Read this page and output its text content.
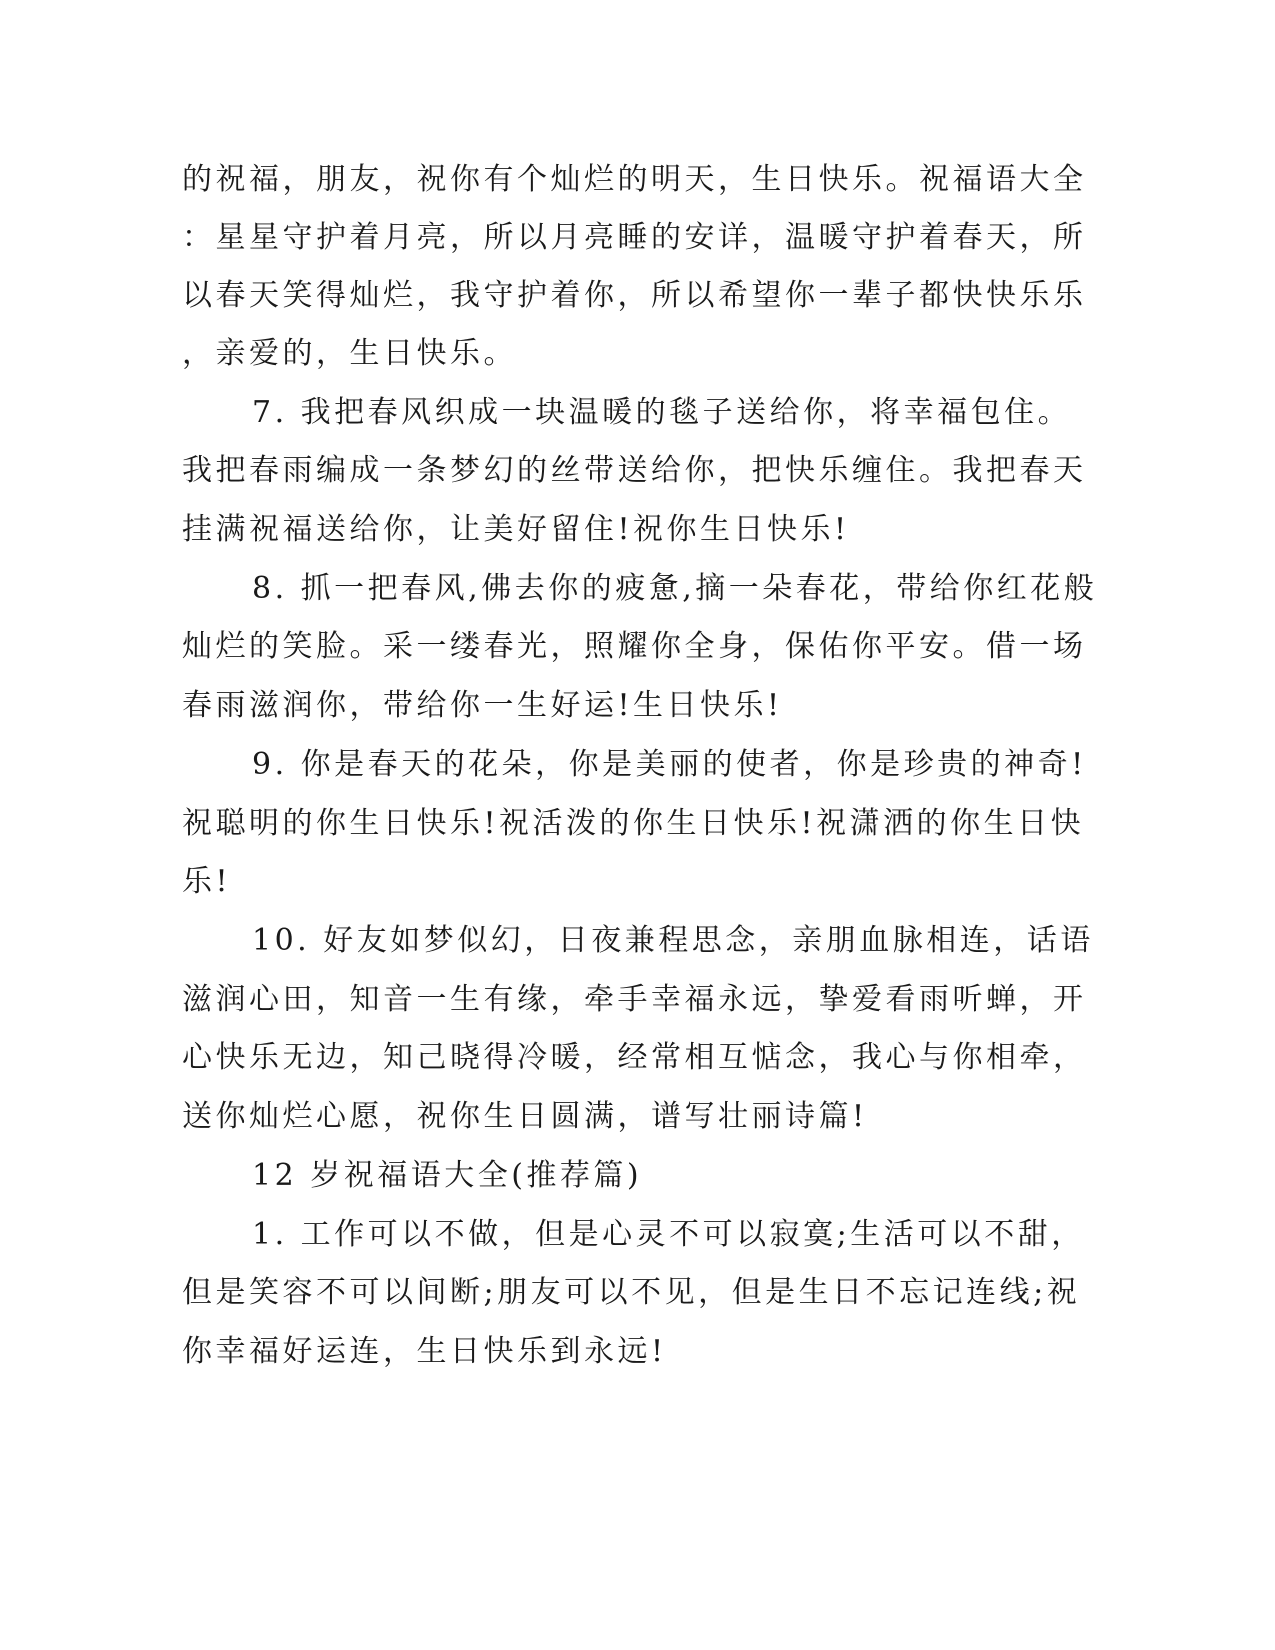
的祝福，朋友，祝你有个灿烂的明天，生日快乐。祝福语大全
：星星守护着月亮，所以月亮睡的安详，温暖守护着春天，所
以春天笑得灿烂，我守护着你，所以希望你一辈子都快快乐乐
，亲爱的，生日快乐。
7. 我把春风织成一块温暖的毯子送给你，将幸福包住。
我把春雨编成一条梦幻的丝带送给你，把快乐缠住。我把春天
挂满祝福送给你，让美好留住!祝你生日快乐!
8. 抓一把春风,佛去你的疲惫,摘一朵春花，带给你红花般
灿烂的笑脸。采一缕春光，照耀你全身，保佑你平安。借一场
春雨滋润你，带给你一生好运!生日快乐!
9. 你是春天的花朵，你是美丽的使者，你是珍贵的神奇!
祝聪明的你生日快乐!祝活泼的你生日快乐!祝潇洒的你生日快
乐!
10. 好友如梦似幻，日夜兼程思念，亲朋血脉相连，话语
滋润心田，知音一生有缘，牵手幸福永远，挚爱看雨听蝉，开
心快乐无边，知己晓得冷暖，经常相互惦念，我心与你相牵，
送你灿烂心愿，祝你生日圆满，谱写壮丽诗篇!
12 岁祝福语大全(推荐篇)
1. 工作可以不做，但是心灵不可以寂寞;生活可以不甜，
但是笑容不可以间断;朋友可以不见，但是生日不忘记连线;祝
你幸福好运连，生日快乐到永远!
